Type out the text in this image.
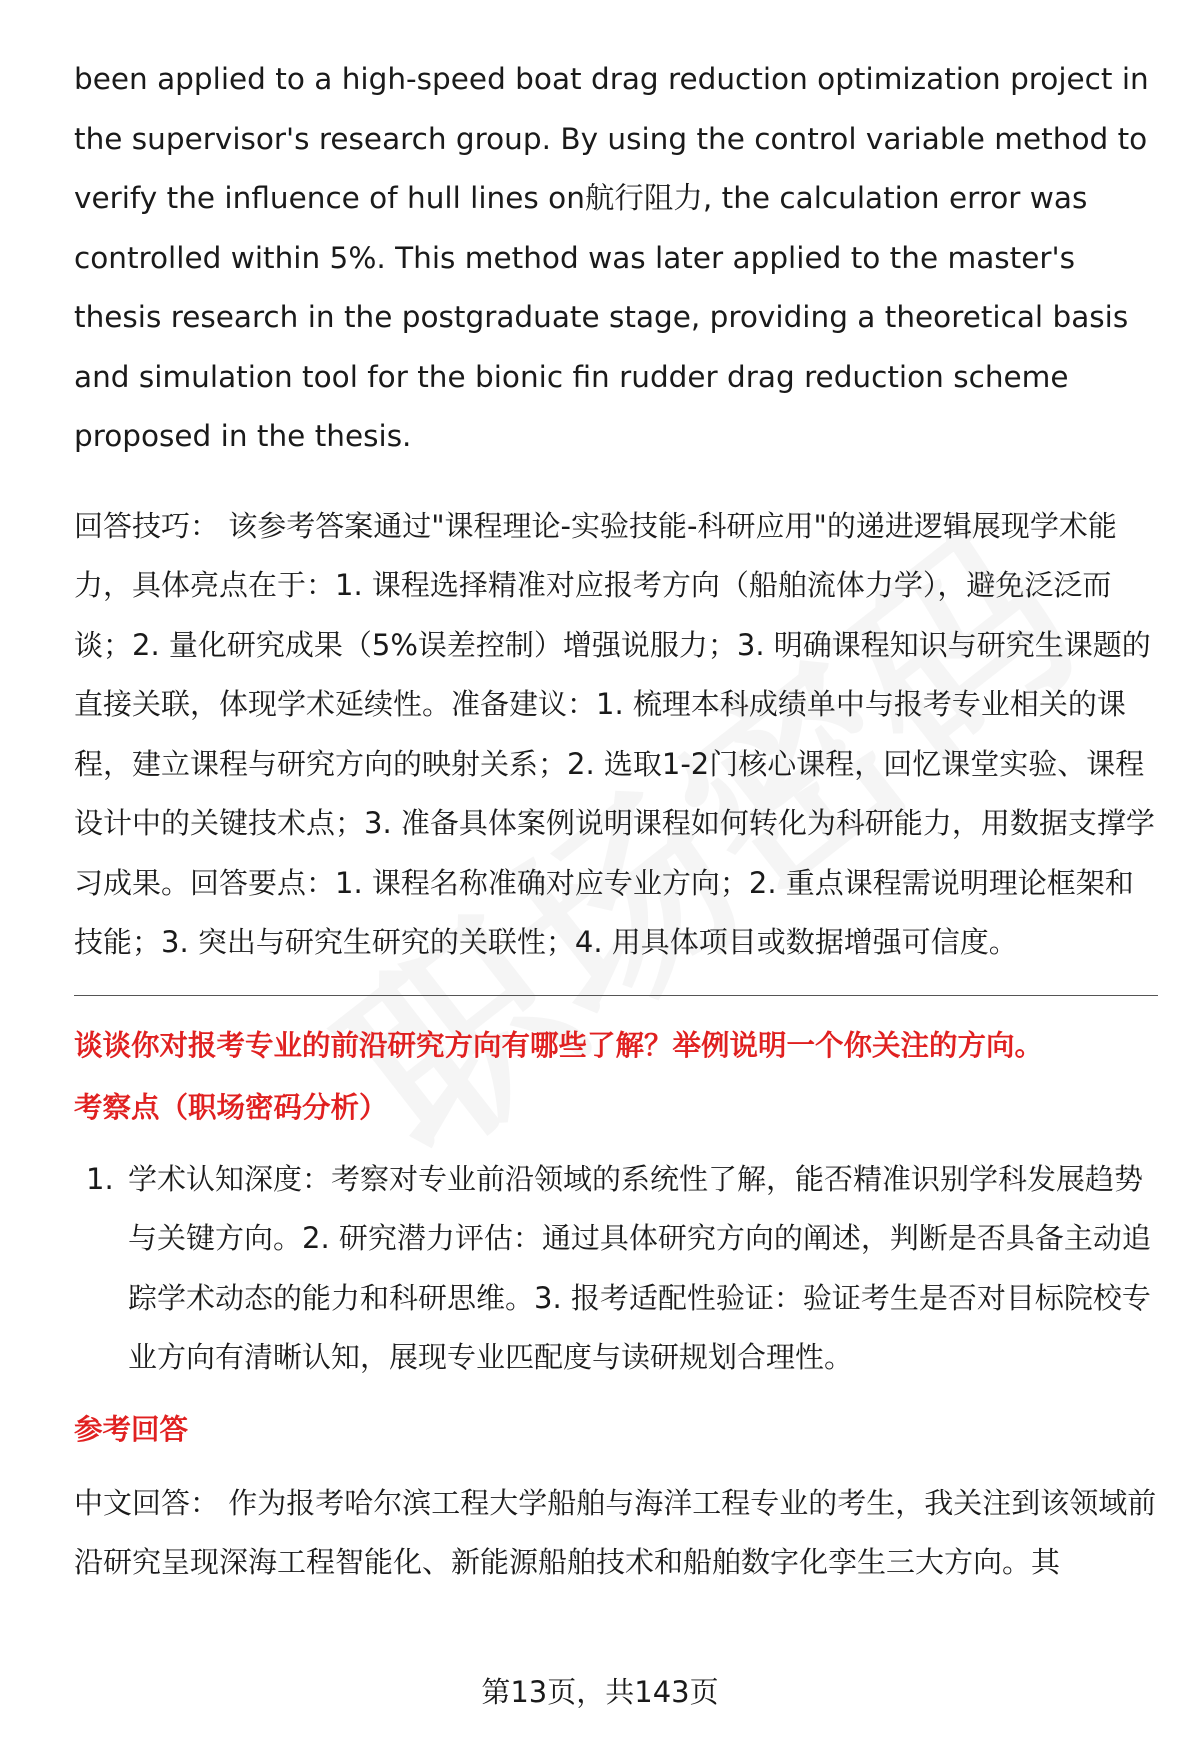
been applied to a high-speed boat drag reduction optimization project in the supervisor's research group. By using the control variable method to verify the influence of hull lines on航行阻力, the calculation error was controlled within 5%. This method was later applied to the master's thesis research in the postgraduate stage, providing a theoretical basis and simulation tool for the bionic fin rudder drag reduction scheme proposed in the thesis.

回答技巧： 该参考答案通过"课程理论-实验技能-科研应用"的递进逻辑展现学术能力，具体亮点在于：1. 课程选择精准对应报考方向（船舶流体力学），避免泛泛而谈；2. 量化研究成果（5%误差控制）增强说服力；3. 明确课程知识与研究生课题的直接关联，体现学术延续性。准备建议：1. 梳理本科成绩单中与报考专业相关的课程，建立课程与研究方向的映射关系；2. 选取1-2门核心课程，回忆课堂实验、课程设计中的关键技术点；3. 准备具体案例说明课程如何转化为科研能力，用数据支撑学习成果。回答要点：1. 课程名称准确对应专业方向；2. 重点课程需说明理论框架和技能；3. 突出与研究生研究的关联性；4. 用具体项目或数据增强可信度。

谈谈你对报考专业的前沿研究方向有哪些了解？举例说明一个你关注的方向。

考察点（职场密码分析）

1. 学术认知深度：考察对专业前沿领域的系统性了解，能否精准识别学科发展趋势与关键方向。2. 研究潜力评估：通过具体研究方向的阐述，判断是否具备主动追踪学术动态的能力和科研思维。3. 报考适配性验证：验证考生是否对目标院校专业方向有清晰认知，展现专业匹配度与读研规划合理性。

参考回答

中文回答： 作为报考哈尔滨工程大学船舶与海洋工程专业的考生，我关注到该领域前沿研究呈现深海工程智能化、新能源船舶技术和船舶数字化孪生三大方向。其

第13页，共143页
